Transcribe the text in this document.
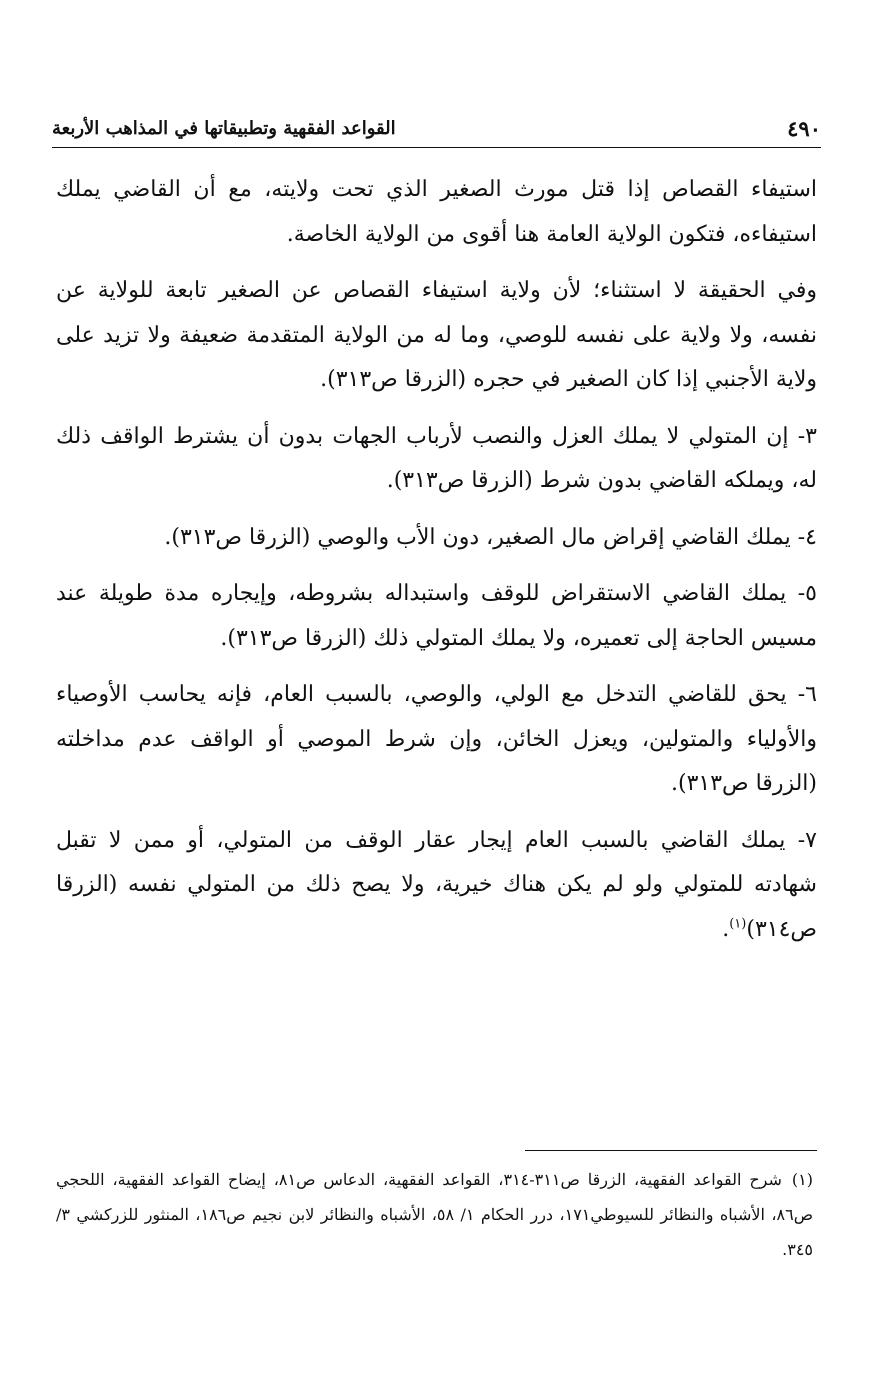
٤٩٠
القواعد الفقهية وتطبيقاتها في المذاهب الأربعة

استيفاء القصاص إذا قتل مورث الصغير الذي تحت ولايته، مع أن القاضي يملك استيفاءه، فتكون الولاية العامة هنا أقوى من الولاية الخاصة.

وفي الحقيقة لا استثناء؛ لأن ولاية استيفاء القصاص عن الصغير تابعة للولاية عن نفسه، ولا ولاية على نفسه للوصي، وما له من الولاية المتقدمة ضعيفة ولا تزيد على ولاية الأجنبي إذا كان الصغير في حجره (الزرقا ص٣١٣).

٣- إن المتولي لا يملك العزل والنصب لأرباب الجهات بدون أن يشترط الواقف ذلك له، ويملكه القاضي بدون شرط (الزرقا ص٣١٣).

٤- يملك القاضي إقراض مال الصغير، دون الأب والوصي (الزرقا ص٣١٣).

٥- يملك القاضي الاستقراض للوقف واستبداله بشروطه، وإيجاره مدة طويلة عند مسيس الحاجة إلى تعميره، ولا يملك المتولي ذلك (الزرقا ص٣١٣).

٦- يحق للقاضي التدخل مع الولي، والوصي، بالسبب العام، فإنه يحاسب الأوصياء والأولياء والمتولين، ويعزل الخائن، وإن شرط الموصي أو الواقف عدم مداخلته (الزرقا ص٣١٣).

٧- يملك القاضي بالسبب العام إيجار عقار الوقف من المتولي، أو ممن لا تقبل شهادته للمتولي ولو لم يكن هناك خيرية، ولا يصح ذلك من المتولي نفسه (الزرقا ص٣١٤)$^{(١)}$.

(١)شرح القواعد الفقهية، الزرقا ص٣١١-٣١٤، القواعد الفقهية، الدعاس ص٨١، إيضاح القواعد الفقهية، اللحجي ص٨٦، الأشباه والنظائر للسيوطي١٧١، درر الحكام ١/ ٥٨، الأشباه والنظائر لابن نجيم ص١٨٦، المنثور للزركشي ٣/ ٣٤٥.
